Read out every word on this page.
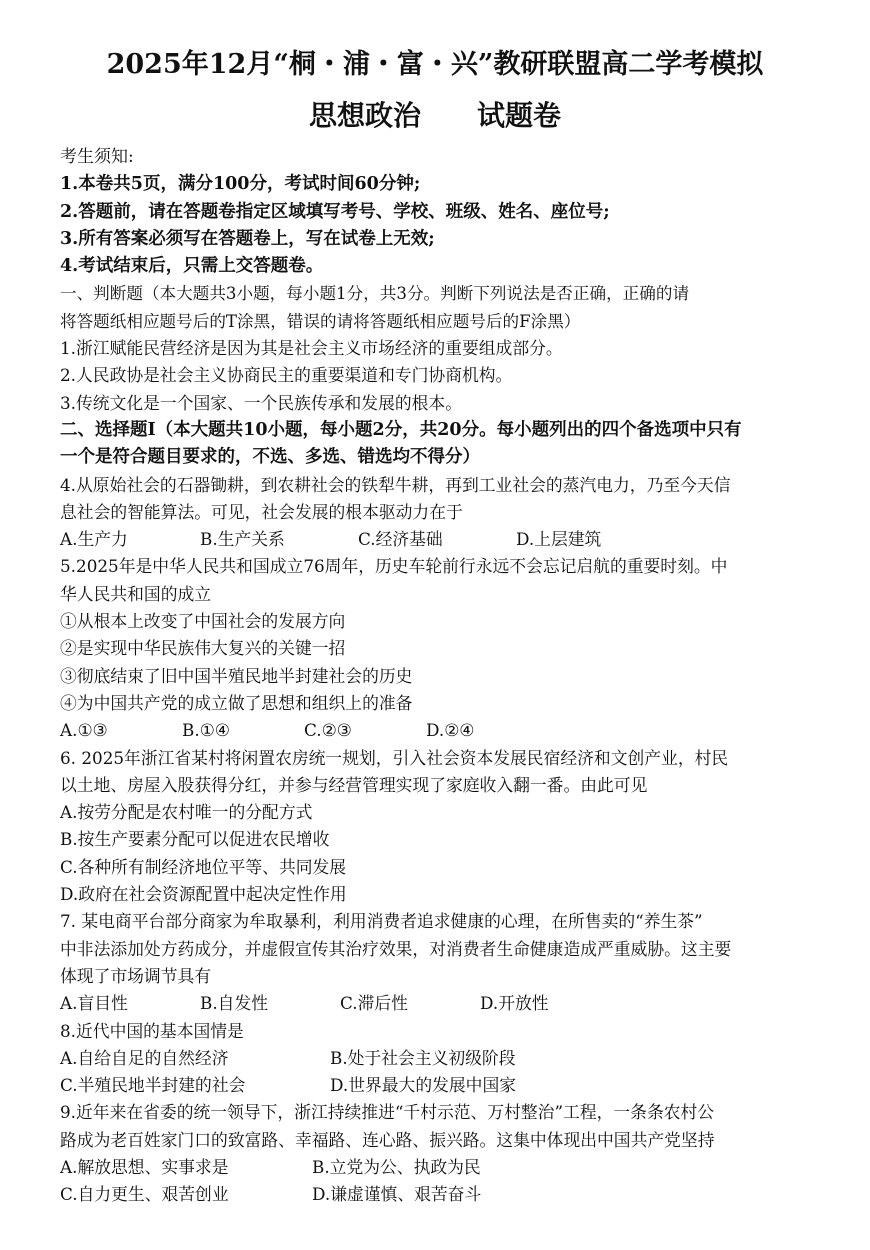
2025年12月“桐・浦・富・兴”教研联盟高二学考模拟
思想政治 试题卷
考生须知:
1.本卷共5页，满分100分，考试时间60分钟;
2.答题前，请在答题卷指定区域填写考号、学校、班级、姓名、座位号;
3.所有答案必须写在答题卷上，写在试卷上无效;
4.考试结束后，只需上交答题卷。
一、判断题（本大题共3小题，每小题1分，共3分。判断下列说法是否正确，正确的请
将答题纸相应题号后的T涂黑，错误的请将答题纸相应题号后的F涂黑）
1.浙江赋能民营经济是因为其是社会主义市场经济的重要组成部分。
2.人民政协是社会主义协商民主的重要渠道和专门协商机构。
3.传统文化是一个国家、一个民族传承和发展的根本。
二、选择题I（本大题共10小题，每小题2分，共20分。每小题列出的四个备选项中只有
一个是符合题目要求的，不选、多选、错选均不得分）
4.从原始社会的石器锄耕，到农耕社会的铁犁牛耕，再到工业社会的蒸汽电力，乃至今天信
息社会的智能算法。可见，社会发展的根本驱动力在于
A.生产力	B.生产关系	C.经济基础	D.上层建筑
5.2025年是中华人民共和国成立76周年，历史车轮前行永远不会忘记启航的重要时刻。中
华人民共和国的成立
①从根本上改变了中国社会的发展方向
②是实现中华民族伟大复兴的关键一招
③彻底结束了旧中国半殖民地半封建社会的历史
④为中国共产党的成立做了思想和组织上的准备
A.①③	B.①④	C.②③	D.②④
6. 2025年浙江省某村将闲置农房统一规划，引入社会资本发展民宿经济和文创产业，村民
以土地、房屋入股获得分红，并参与经营管理实现了家庭收入翻一番。由此可见
A.按劳分配是农村唯一的分配方式
B.按生产要素分配可以促进农民增收
C.各种所有制经济地位平等、共同发展
D.政府在社会资源配置中起决定性作用
7. 某电商平台部分商家为牟取暴利，利用消费者追求健康的心理，在所售卖的“养生茶”
中非法添加处方药成分，并虚假宣传其治疗效果，对消费者生命健康造成严重威胁。这主要
体现了市场调节具有
A.盲目性	B.自发性	C.滞后性	D.开放性
8.近代中国的基本国情是
A.自给自足的自然经济	B.处于社会主义初级阶段
C.半殖民地半封建的社会	D.世界最大的发展中国家
9.近年来在省委的统一领导下，浙江持续推进“千村示范、万村整治”工程，一条条农村公
路成为老百姓家门口的致富路、幸福路、连心路、振兴路。这集中体现出中国共产党坚持
A.解放思想、实事求是	B.立党为公、执政为民
C.自力更生、艰苦创业	D.谦虚谨慎、艰苦奋斗
